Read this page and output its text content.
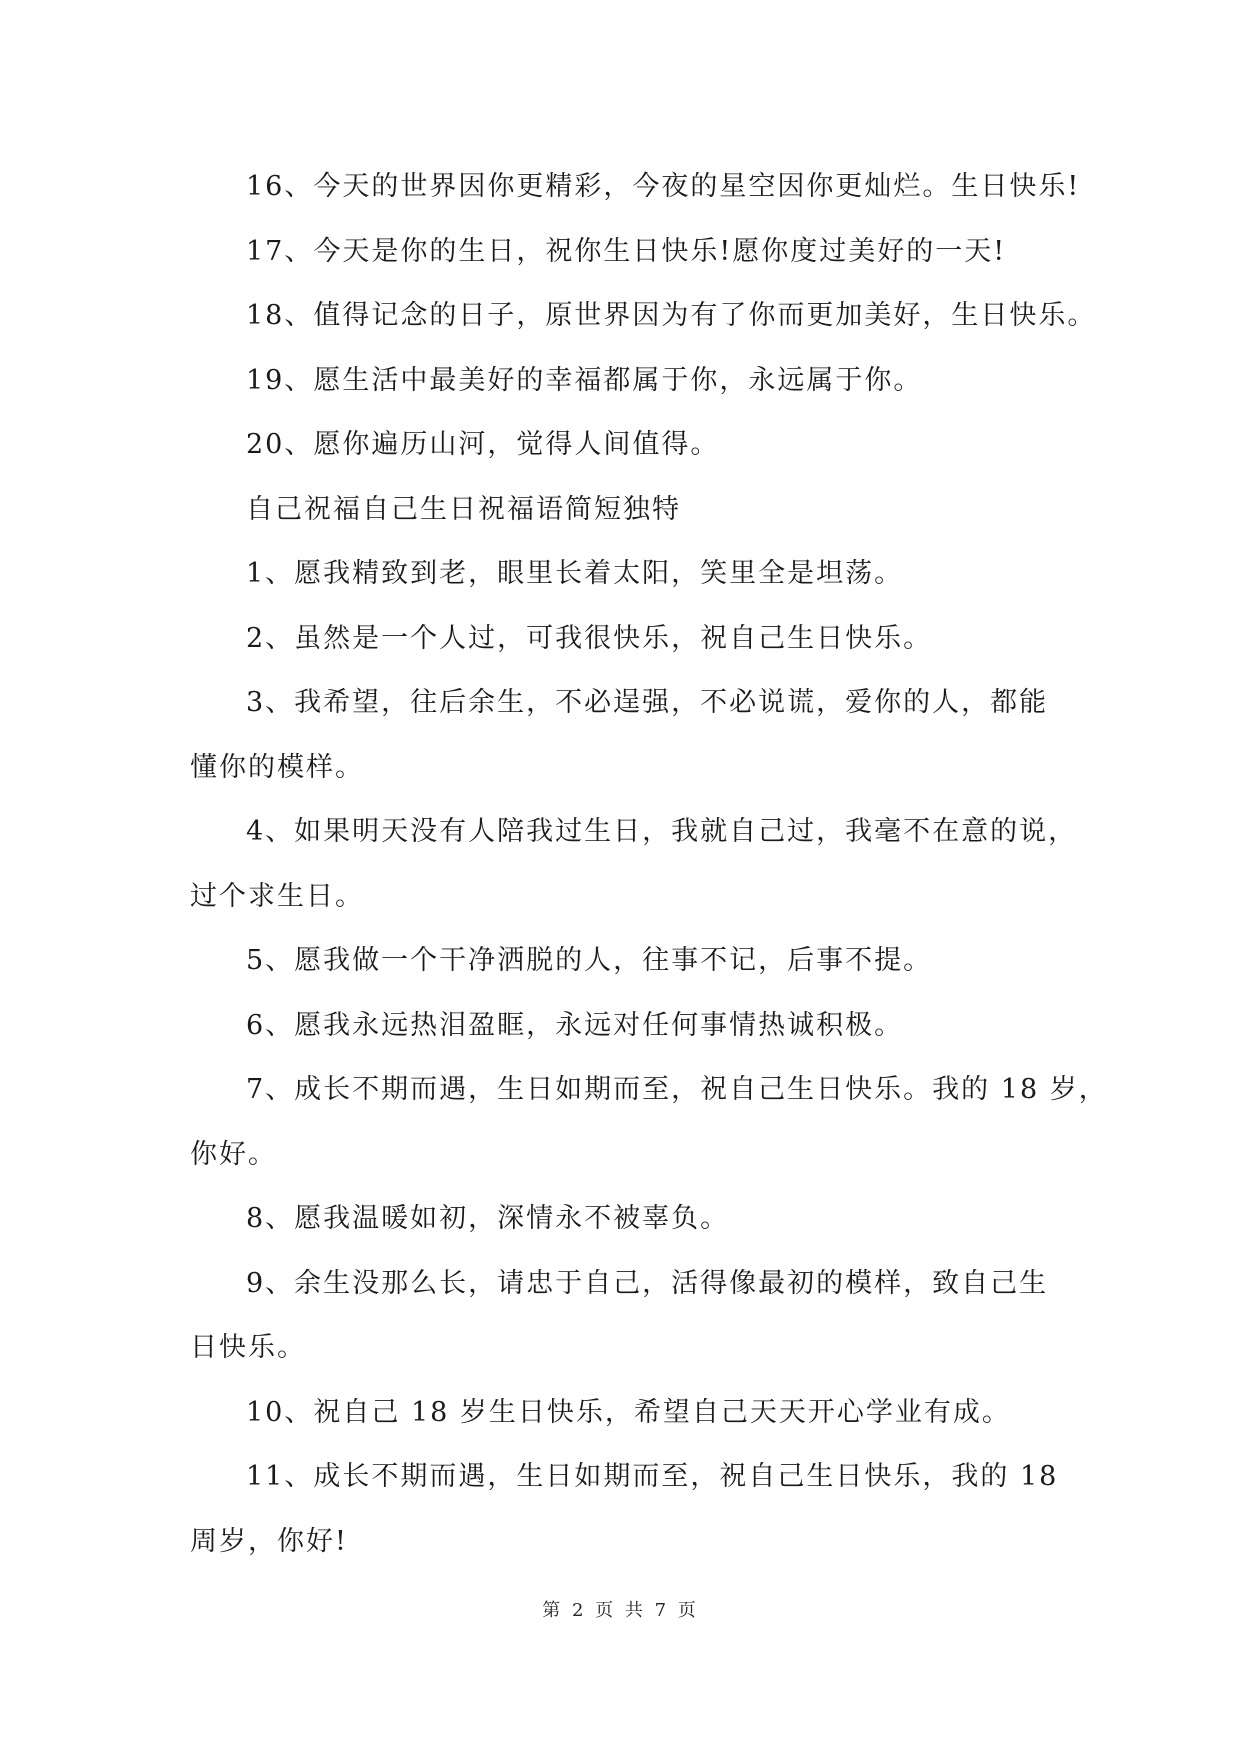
16、今天的世界因你更精彩，今夜的星空因你更灿烂。生日快乐!
17、今天是你的生日，祝你生日快乐!愿你度过美好的一天!
18、值得记念的日子，原世界因为有了你而更加美好，生日快乐。
19、愿生活中最美好的幸福都属于你，永远属于你。
20、愿你遍历山河，觉得人间值得。
自己祝福自己生日祝福语简短独特
1、愿我精致到老，眼里长着太阳，笑里全是坦荡。
2、虽然是一个人过，可我很快乐，祝自己生日快乐。
3、我希望，往后余生，不必逞强，不必说谎，爱你的人，都能
懂你的模样。
4、如果明天没有人陪我过生日，我就自己过，我毫不在意的说，
过个求生日。
5、愿我做一个干净洒脱的人，往事不记，后事不提。
6、愿我永远热泪盈眶，永远对任何事情热诚积极。
7、成长不期而遇，生日如期而至，祝自己生日快乐。我的 18 岁，
你好。
8、愿我温暖如初，深情永不被辜负。
9、余生没那么长，请忠于自己，活得像最初的模样，致自己生
日快乐。
10、祝自己 18 岁生日快乐，希望自己天天开心学业有成。
11、成长不期而遇，生日如期而至，祝自己生日快乐，我的 18
周岁，你好!
第 2 页 共 7 页
